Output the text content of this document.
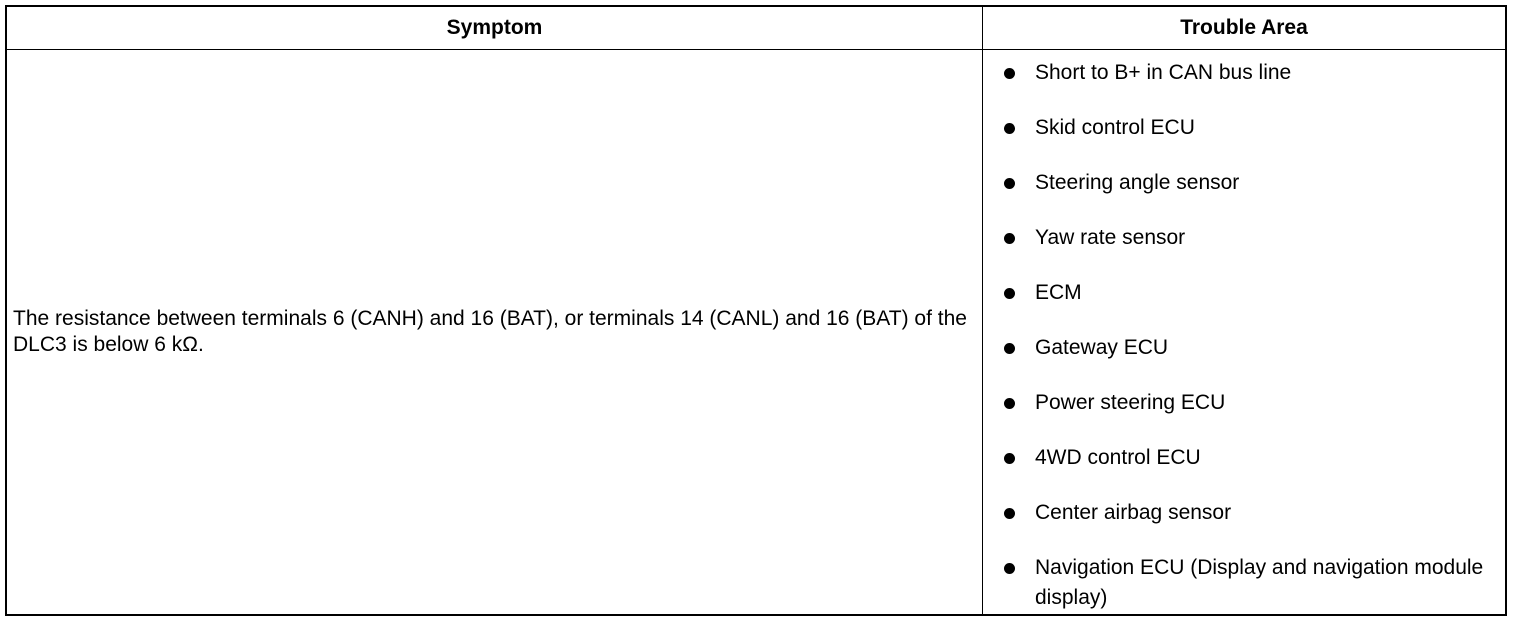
Symptom	Trouble Area
The resistance between terminals 6 (CANH) and 16 (BAT), or terminals 14 (CANL) and 16 (BAT) of the DLC3 is below 6 kΩ.
Short to B+ in CAN bus line
Skid control ECU
Steering angle sensor
Yaw rate sensor
ECM
Gateway ECU
Power steering ECU
4WD control ECU
Center airbag sensor
Navigation ECU (Display and navigation module display)
